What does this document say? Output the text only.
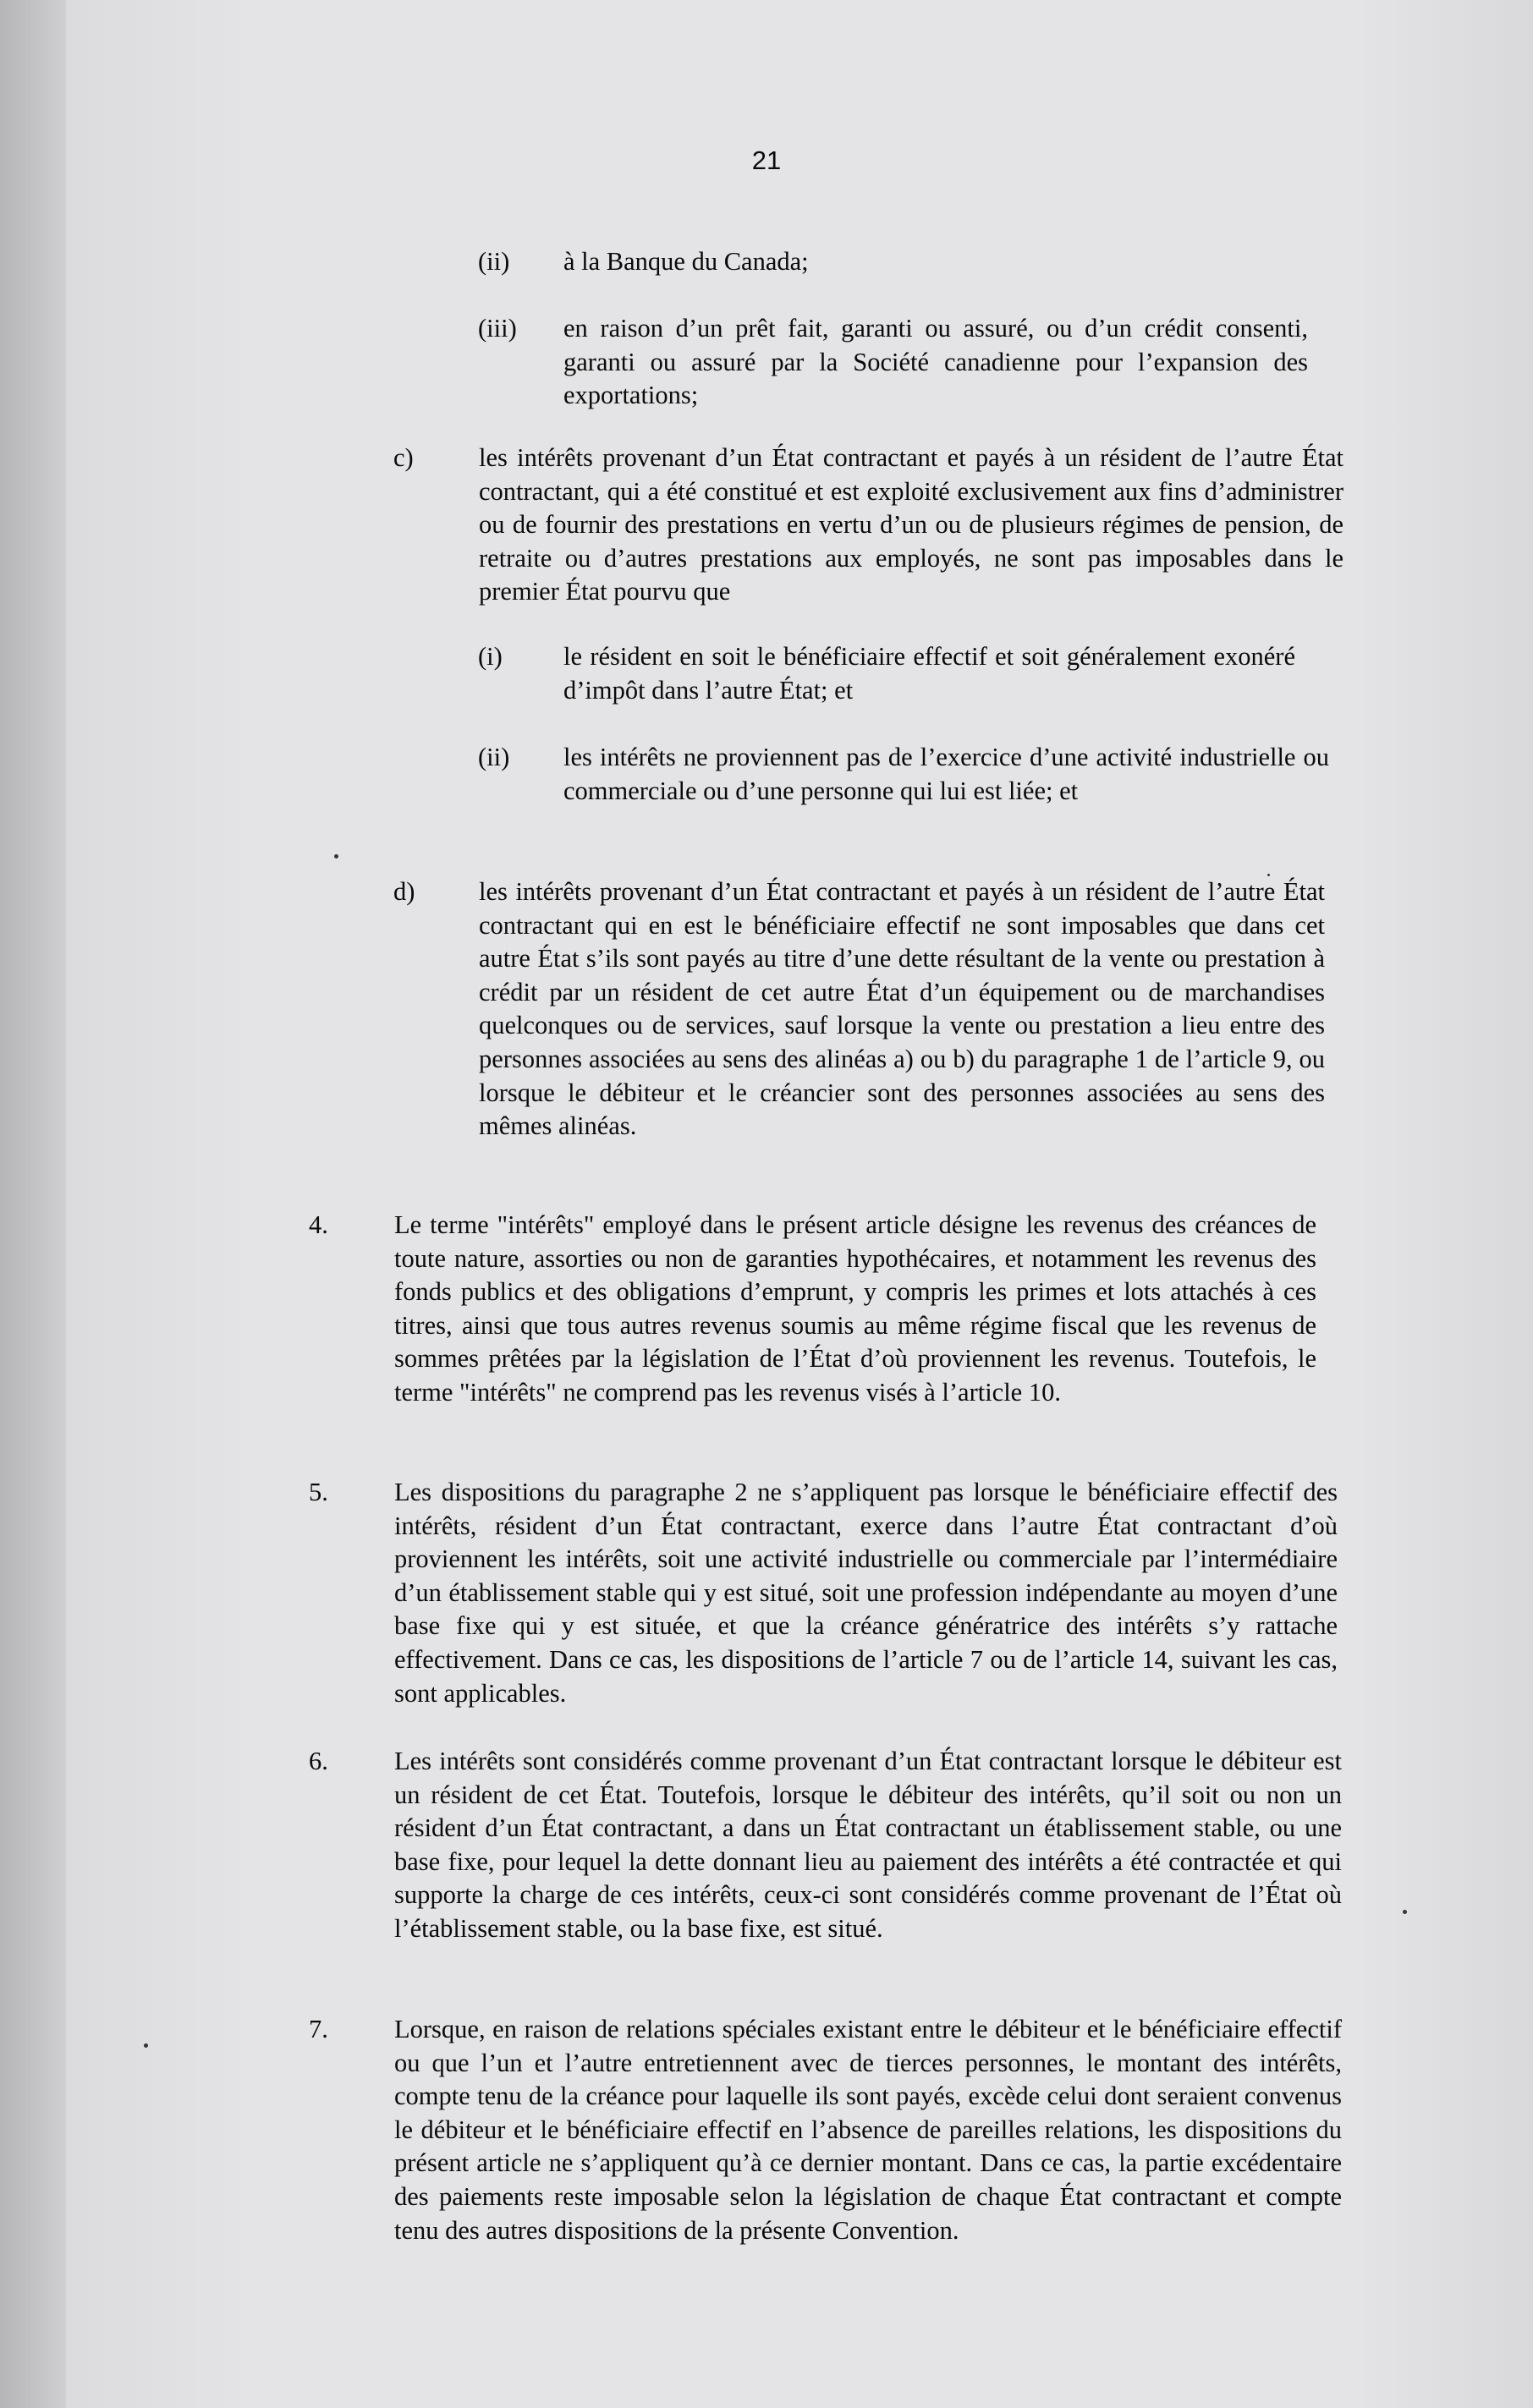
21
(ii) à la Banque du Canada;
(iii) en raison d’un prêt fait, garanti ou assuré, ou d’un crédit consenti, garanti ou assuré par la Société canadienne pour l’expansion des exportations;
c)	les intérêts provenant d’un État contractant et payés à un résident de l’autre État contractant, qui a été constitué et est exploité exclusivement aux fins d’administrer ou de fournir des prestations en vertu d’un ou de plusieurs régimes de pension, de retraite ou d’autres prestations aux employés, ne sont pas imposables dans le premier État pourvu que
(i) le résident en soit le bénéficiaire effectif et soit généralement exonéré d’impôt dans l’autre État; et
(ii) les intérêts ne proviennent pas de l’exercice d’une activité industrielle ou commerciale ou d’une personne qui lui est liée; et
d) les intérêts provenant d’un État contractant et payés à un résident de l’autre État contractant qui en est le bénéficiaire effectif ne sont imposables que dans cet autre État s’ils sont payés au titre d’une dette résultant de la vente ou prestation à crédit par un résident de cet autre État d’un équipement ou de marchandises quelconques ou de services, sauf lorsque la vente ou prestation a lieu entre des personnes associées au sens des alinéas a) ou b) du paragraphe 1 de l’article 9, ou lorsque le débiteur et le créancier sont des personnes associées au sens des mêmes alinéas.
4.	Le terme "intérêts" employé dans le présent article désigne les revenus des créances de toute nature, assorties ou non de garanties hypothécaires, et notamment les revenus des fonds publics et des obligations d’emprunt, y compris les primes et lots attachés à ces titres, ainsi que tous autres revenus soumis au même régime fiscal que les revenus de sommes prêtées par la législation de l’État d’où proviennent les revenus. Toutefois, le terme "intérêts" ne comprend pas les revenus visés à l’article 10.
5.	Les dispositions du paragraphe 2 ne s’appliquent pas lorsque le bénéficiaire effectif des intérêts, résident d’un État contractant, exerce dans l’autre État contractant d’où proviennent les intérêts, soit une activité industrielle ou commerciale par l’intermédiaire d’un établissement stable qui y est situé, soit une profession indépendante au moyen d’une base fixe qui y est située, et que la créance génératrice des intérêts s’y rattache effectivement. Dans ce cas, les dispositions de l’article 7 ou de l’article 14, suivant les cas, sont applicables.
6.	Les intérêts sont considérés comme provenant d’un État contractant lorsque le débiteur est un résident de cet État. Toutefois, lorsque le débiteur des intérêts, qu’il soit ou non un résident d’un État contractant, a dans un État contractant un établissement stable, ou une base fixe, pour lequel la dette donnant lieu au paiement des intérêts a été contractée et qui supporte la charge de ces intérêts, ceux-ci sont considérés comme provenant de l’État où l’établissement stable, ou la base fixe, est situé.
7.	Lorsque, en raison de relations spéciales existant entre le débiteur et le bénéficiaire effectif ou que l’un et l’autre entretiennent avec de tierces personnes, le montant des intérêts, compte tenu de la créance pour laquelle ils sont payés, excède celui dont seraient convenus le débiteur et le bénéficiaire effectif en l’absence de pareilles relations, les dispositions du présent article ne s’appliquent qu’à ce dernier montant. Dans ce cas, la partie excédentaire des paiements reste imposable selon la législation de chaque État contractant et compte tenu des autres dispositions de la présente Convention.
